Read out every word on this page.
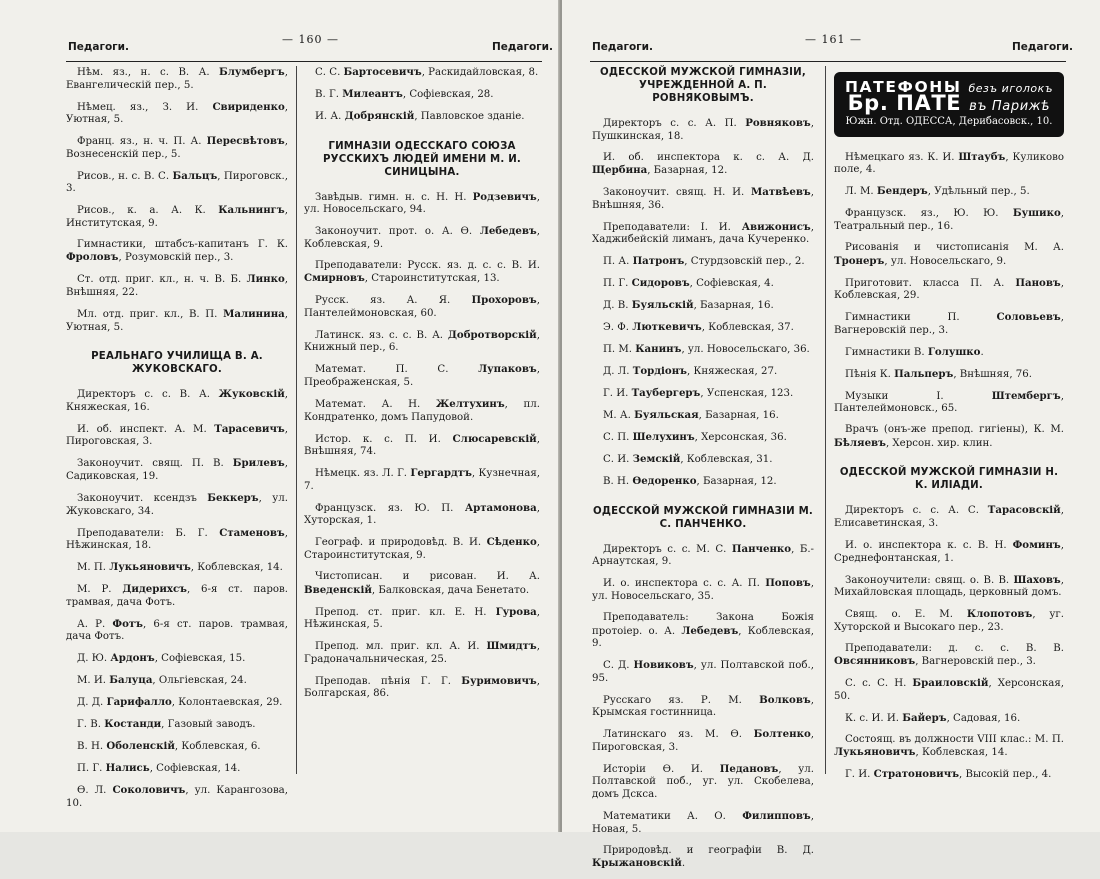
— 160 —
Педагоги.	Педагоги.
Нѣм. яз., н. с. В. А. Блумбергъ, Евангеличеcкій пер., 5.
Нѣмец. яз., З. И. Свириденко, Уютная, 5.
Франц. яз., н. ч. П. А. Пересвѣтовъ, Вознесенскій пер., 5.
Рисов., н. с. В. С. Бальцъ, Пироговск., 3.
Рисов., к. а. А. К. Кальнингъ, Институтская, 9.
Гимнастики, штабсъ-капитанъ Г. К. Фроловъ, Розумовскій пер., 3.
Ст. отд. приг. кл., н. ч. В. Б. Линко, Внѣшняя, 22.
Мл. отд. приг. кл., В. П. Малинина, Уютная, 5.
РЕАЛЬНАГО УЧИЛИЩА В. А. ЖУКОВСКАГО.
Директоръ с. с. В. А. Жуковскій, Княжеская, 16.
И. об. инспект. А. М. Тарасевичъ, Пироговская, 3.
Законоучит. свящ. П. В. Брилевъ, Садиковская, 19.
Законоучит. ксендзъ Беккеръ, ул. Жуковскаго, 34.
Преподаватели: Б. Г. Стаменовъ, Нѣжинская, 18.
М. П. Лукьяновичъ, Коблевская, 14.
М. Р. Дидерихсъ, 6-я ст. паров. трамвая, дача Фотъ.
А. Р. Фотъ, 6-я ст. паров. трамвая, дача Фотъ.
Д. Ю. Ардонъ, Софіевская, 15.
М. И. Балуца, Ольгіевская, 24.
Д. Д. Гарифалло, Колонтаевская, 29.
Г. В. Костанди, Газовый заводъ.
В. Н. Оболенскій, Коблевская, 6.
П. Г. Нались, Софіевская, 14.
Ѳ. Л. Соколовичъ, ул. Карангозова, 10.
С. С. Бартосевичъ, Раскидайловская, 8.
В. Г. Милеантъ, Софіевская, 28.
И. А. Добрянскій, Павловское зданіе.
ГИМНАЗІИ ОДЕССКАГО СОЮЗА РУССКИХЪ ЛЮДЕЙ ИМЕНИ М. И. СИНИЦЫНА.
Завѣдыв. гимн. н. с. Н. Н. Родзевичъ, ул. Новосельскаго, 94.
Законоучит. прот. о. А. Ѳ. Лебедевъ, Коблевская, 9.
Преподаватели: Русск. яз. д. с. с. В. И. Смирновъ, Староинститутская, 13.
Русск. яз. А. Я. Прохоровъ, Пантелеймоновская, 60.
Латинск. яз. с. с. В. А. Добротворскій, Книжный пер., 6.
Математ. П. С. Лупаковъ, Преображенская, 5.
Математ. А. Н. Желтухинъ, пл. Кондратенко, домъ Папудовой.
Истор. к. с. П. И. Слюсаревскій, Внѣшняя, 74.
Нѣмецк. яз. Л. Г. Гергардтъ, Кузнечная, 7.
Французск. яз. Ю. П. Артамонова, Хуторская, 1.
Географ. и природовѣд. В. И. Сѣденко, Староинститутская, 9.
Чистописан. и рисован. И. А. Введенскій, Балковская, дача Бенетато.
Препод. ст. приг. кл. Е. Н. Гурова, Нѣжинская, 5.
Препод. мл. приг. кл. А. И. Шмидтъ, Градоначальническая, 25.
Преподав. пѣнія Г. Г. Буримовичъ, Болгарская, 86.
— 161 —
Педагоги.	Педагоги.
ОДЕССКОЙ МУЖСКОЙ ГИМНАЗІИ, УЧРЕЖДЕННОЙ А. П. РОВНЯКОВЫМЪ.
Директоръ с. с. А. П. Ровняковъ, Пушкинская, 18.
И. об. инспектора к. с. А. Д. Щербина, Базарная, 12.
Законоучит. свящ. Н. И. Матвѣевъ, Внѣшняя, 36.
Преподаватели: I. И. Авижонисъ, Хаджибейскій лиманъ, дача Кучеренко.
П. А. Патронъ, Стурдзовскій пер., 2.
П. Г. Сидоровъ, Софіевская, 4.
Д. В. Буяльскій, Базарная, 16.
Э. Ф. Люткевичъ, Коблевская, 37.
П. М. Канинъ, ул. Новосельскаго, 36.
Д. Л. Тордіонъ, Княжеская, 27.
Г. И. Таубергеръ, Успенская, 123.
М. А. Буяльская, Базарная, 16.
С. П. Шелухинъ, Херсонская, 36.
С. И. Земскій, Коблевская, 31.
В. Н. Ѳедоренко, Базарная, 12.
ОДЕССКОЙ МУЖСКОЙ ГИМНАЗІИ М. С. ПАНЧЕНКО.
Директоръ с. с. М. С. Панченко, Б.-Арнаутская, 9.
И. о. инспектора с. с. А. П. Поповъ, ул. Новосельскаго, 35.
Преподаватель: Закона Божія протоіер. о. А. Лебедевъ, Коблевская, 9.
С. Д. Новиковъ, ул. Полтавской поб., 95.
Русскаго яз. Р. М. Волковъ, Крымская гостинница.
Латинскаго яз. М. Ѳ. Болтенко, Пироговская, 3.
Исторіи Ѳ. И. Педановъ, ул. Полтавской поб., уг. ул. Скобелева, домъ Дскса.
Математики А. О. Филипповъ, Новая, 5.
Природовѣд. и географіи В. Д. Крыжановскій.
ПАТЕФОНЫ безъ иголокъ
Бр. ПАТЕ въ Парижѣ
Южн. Отд. ОДЕССА, Дерибасовск., 10.
Нѣмецкаго яз. К. И. Штаубъ, Куликово поле, 4.
Л. М. Бендеръ, Удѣльный пер., 5.
Французск. яз., Ю. Ю. Бушико, Театральный пер., 16.
Рисованія и чистописанія М. А. Тронеръ, ул. Новосельскаго, 9.
Приготовит. класса П. А. Пановъ, Коблевская, 29.
Гимнастики П. Соловьевъ, Вагнеровскій пер., 3.
Гимнастики В. Голушко.
Пѣнія К. Пальперъ, Внѣшняя, 76.
Музыки I. Штембергъ, Пантелеймоновск., 65.
Врачъ (онъ-же препод. гигіены), К. М. Бѣляевъ, Херсон. хир. клин.
ОДЕССКОЙ МУЖСКОЙ ГИМНАЗІИ Н. К. ИЛІАДИ.
Директоръ с. с. А. С. Тарасовскій, Елисаветинская, 3.
И. о. инспектора к. с. В. Н. Фоминъ, Среднефонтанская, 1.
Законоучители: свящ. о. В. В. Шаховъ, Михайловская площадь, церковный домъ.
Свящ. о. Е. М. Клопотовъ, уг. Хуторской и Высокаго пер., 23.
Преподаватели: д. с. с. В. В. Овсянниковъ, Вагнеровскій пер., 3.
С. с. С. Н. Браиловскій, Херсонская, 50.
К. с. И. И. Байеръ, Садовая, 16.
Состоящ. въ должности VIII клас.: М. П. Лукьяновичъ, Коблевская, 14.
Г. И. Стратоновичъ, Высокій пер., 4.
